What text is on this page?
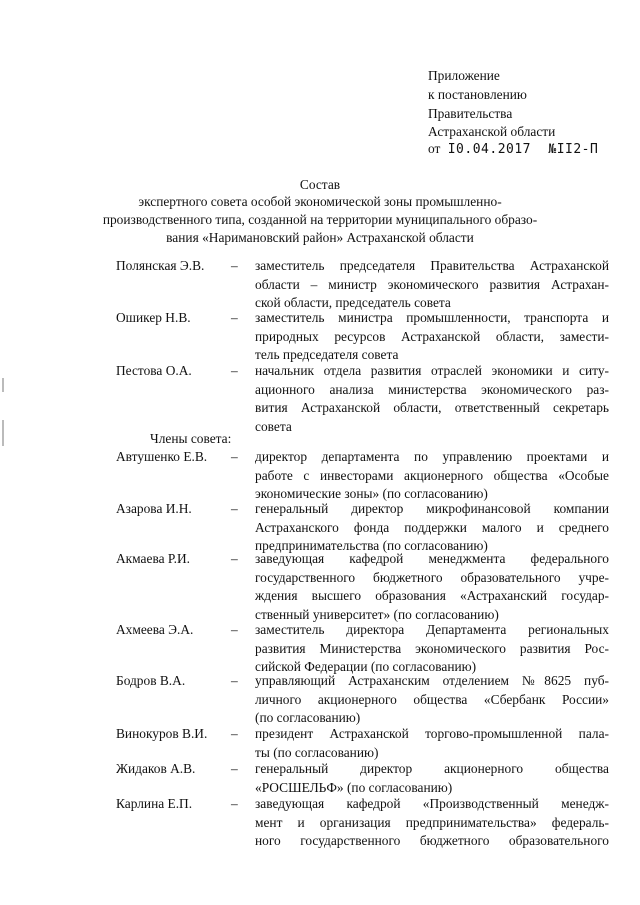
Приложение
к постановлению
Правительства
Астраханской области
от I0.04.2017 №II2-П
Состав
экспертного совета особой экономической зоны промышленно-
производственного типа, созданной на территории муниципального образо-
вания «Наримановский район» Астраханской области
Полянская Э.В. – заместитель председателя Правительства Астраханской
области – министр экономического развития Астрахан-
ской области, председатель совета
Ошикер Н.В.	– заместитель министра промышленности, транспорта и
природных ресурсов Астраханской области, замести-
тель председателя совета
Пестова О.А.	– начальник отдела развития отраслей экономики и ситу-
ационного анализа министерства экономического раз-
вития Астраханской области, ответственный секретарь
совета
Члены совета:
Автушенко Е.В. – директор департамента по управлению проектами и
работе с инвесторами акционерного общества «Особые
экономические зоны» (по согласованию)
Азарова И.Н.	– генеральный директор микрофинансовой компании
Астраханского фонда поддержки малого и среднего
предпринимательства (по согласованию)
Акмаева Р.И.	– заведующая кафедрой менеджмента федерального
государственного бюджетного образовательного учре-
ждения высшего образования «Астраханский государ-
ственный университет» (по согласованию)
Ахмеева Э.А.	– заместитель директора Департамента региональных
развития Министерства экономического развития Рос-
сийской Федерации (по согласованию)
Бодров В.А.	– управляющий Астраханским отделением №8625 пуб-
личного акционерного общества «Сбербанк России»
(по согласованию)
Винокуров В.И. – президент Астраханской торгово-промышленной пала-
ты (по согласованию)
Жидаков А.В.	– генеральный директор акционерного общества
«РОСШЕЛЬФ» (по согласованию)
Карлина Е.П.	– заведующая кафедрой «Производственный менедж-
мент и организация предпринимательства» федераль-
ного государственного бюджетного образовательного
